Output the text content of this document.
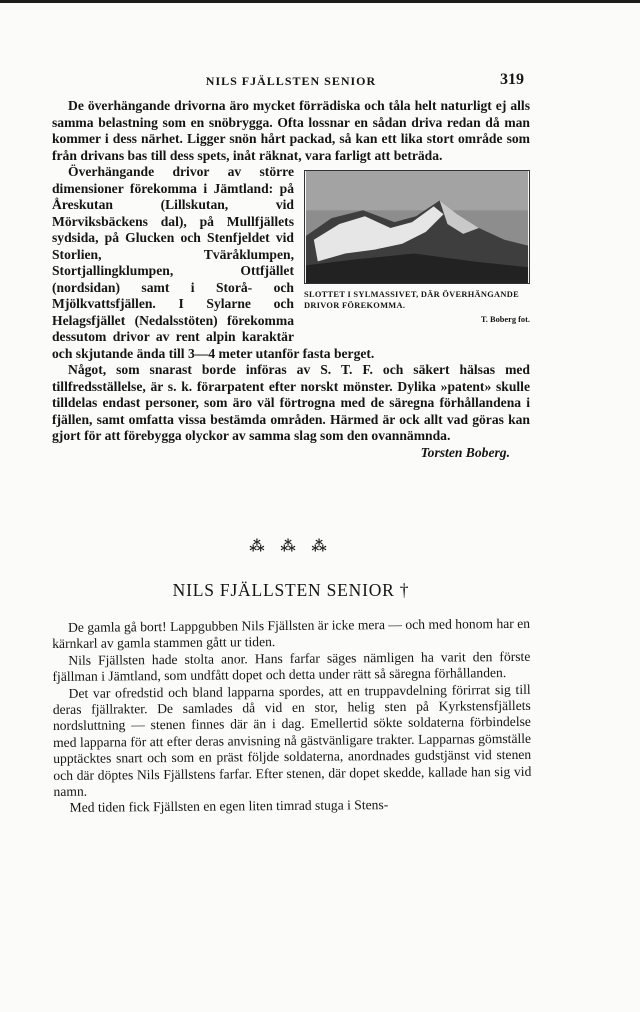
NILS FJÄLLSTEN SENIOR	319

De överhängande drivorna äro mycket förrädiska och tåla helt naturligt ej alls samma belastning som en snöbrygga. Ofta lossnar en sådan driva redan då man kommer i dess närhet. Ligger snön hårt packad, så kan ett lika stort område som från drivans bas till dess spets, inåt räknat, vara farligt att beträda.

SLOTTET I SYLMASSIVET, DÄR ÖVERHÄNGANDE DRIVOR FÖREKOMMA.
T. Boberg fot.

Överhängande drivor av större dimensioner förekomma i Jämtland: på Åreskutan (Lillskutan, vid Mörviksbäckens dal), på Mullfjällets sydsida, på Glucken och Stenfjeldet vid Storlien, Tväråklumpen, Stortjallingklumpen, Ottfjället (nordsidan) samt i Storå- och Mjölkvattsfjällen. I Sylarne och Helagsfjället (Nedalsstöten) förekomma dessutom drivor av rent alpin karaktär och skjutande ända till 3—4 meter utanför fasta berget.

Något, som snarast borde införas av S. T. F. och säkert hälsas med tillfredsställelse, är s. k. förarpatent efter norskt mönster. Dylika »patent» skulle tilldelas endast personer, som äro väl förtrogna med de säregna förhållandena i fjällen, samt omfatta vissa bestämda områden. Härmed är ock allt vad göras kan gjort för att förebygga olyckor av samma slag som den ovannämnda.

Torsten Boberg.
⁂ ⁂ ⁂
NILS FJÄLLSTEN SENIOR †

De gamla gå bort! Lappgubben Nils Fjällsten är icke mera — och med honom har en kärnkarl av gamla stammen gått ur tiden.

Nils Fjällsten hade stolta anor. Hans farfar säges nämligen ha varit den förste fjällman i Jämtland, som undfått dopet och detta under rätt så säregna förhållanden.

Det var ofredstid och bland lapparna spordes, att en truppavdelning förirrat sig till deras fjällrakter. De samlades då vid en stor, helig sten på Kyrkstensfjällets nordsluttning — stenen finnes där än i dag. Emellertid sökte soldaterna förbindelse med lapparna för att efter deras anvisning nå gästvänligare trakter. Lapparnas gömställe upptäcktes snart och som en präst följde soldaterna, anordnades gudstjänst vid stenen och där döptes Nils Fjällstens farfar. Efter stenen, där dopet skedde, kallade han sig vid namn.

Med tiden fick Fjällsten en egen liten timrad stuga i Stens-
